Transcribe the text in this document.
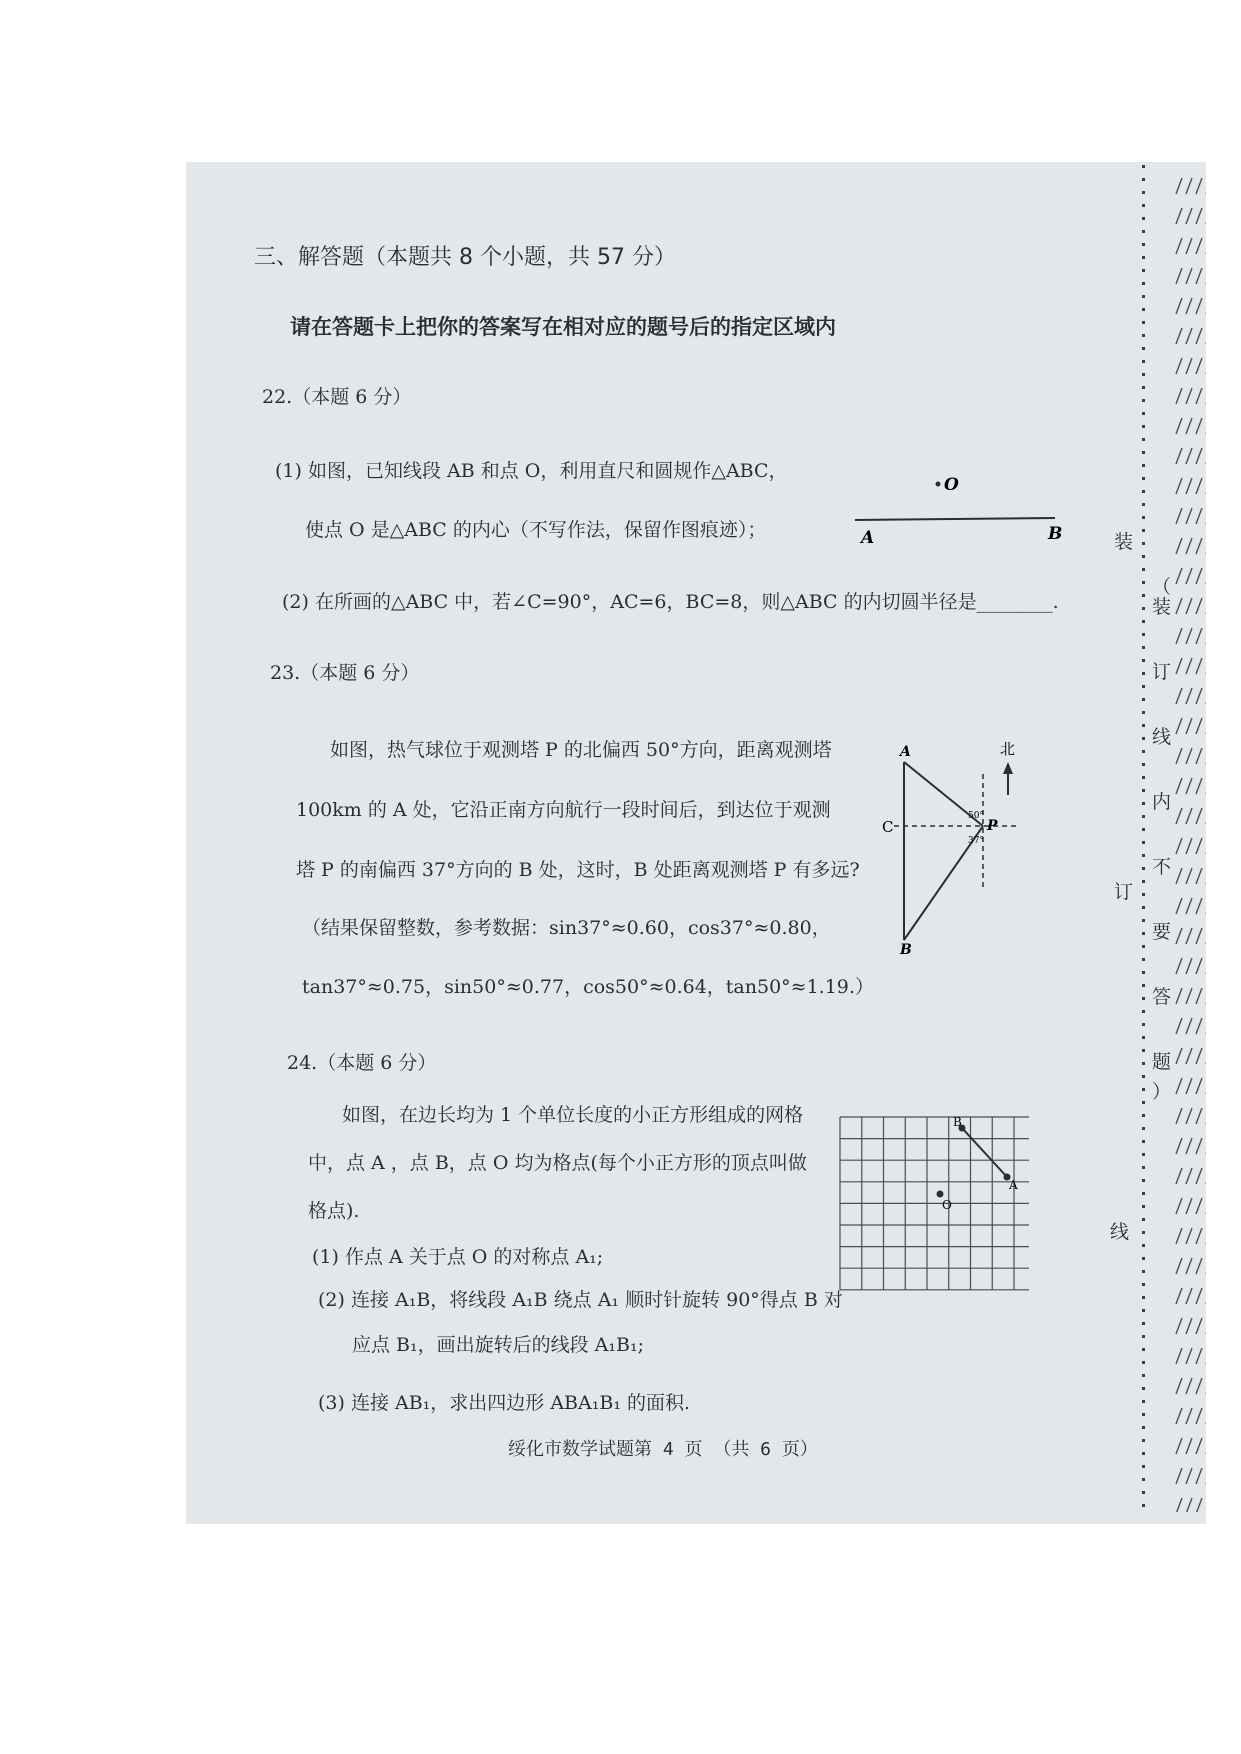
三、解答题（本题共 8 个小题，共 57 分）
请在答题卡上把你的答案写在相对应的题号后的指定区域内
22.（本题 6 分）
(1) 如图，已知线段 AB 和点 O，利用直尺和圆规作△ABC，
使点 O 是△ABC 的内心（不写作法，保留作图痕迹）；
(2) 在所画的△ABC 中，若∠C=90°，AC=6，BC=8，则△ABC 的内切圆半径是________.
O
A	B
23.（本题 6 分）
如图，热气球位于观测塔 P 的北偏西 50°方向，距离观测塔
100km 的 A 处，它沿正南方向航行一段时间后，到达位于观测
塔 P 的南偏西 37°方向的 B 处，这时，B 处距离观测塔 P 有多远?
（结果保留整数，参考数据：sin37°≈0.60，cos37°≈0.80，
tan37°≈0.75，sin50°≈0.77，cos50°≈0.64，tan50°≈1.19.）
北
A
B
C	P
50°
37°
24.（本题 6 分）
如图，在边长均为 1 个单位长度的小正方形组成的网格
中，点 A ，点 B，点 O 均为格点(每个小正方形的顶点叫做
格点).
(1) 作点 A 关于点 O 的对称点 A₁;
(2) 连接 A₁B，将线段 A₁B 绕点 A₁ 顺时针旋转 90°得点 B 对
应点 B₁，画出旋转后的线段 A₁B₁;
(3) 连接 AB₁，求出四边形 ABA₁B₁ 的面积.
B
A
O
绥化市数学试题第 4 页 （共 6 页）
装
（
装
订
线
内
不
要
答
题
）
订
线
